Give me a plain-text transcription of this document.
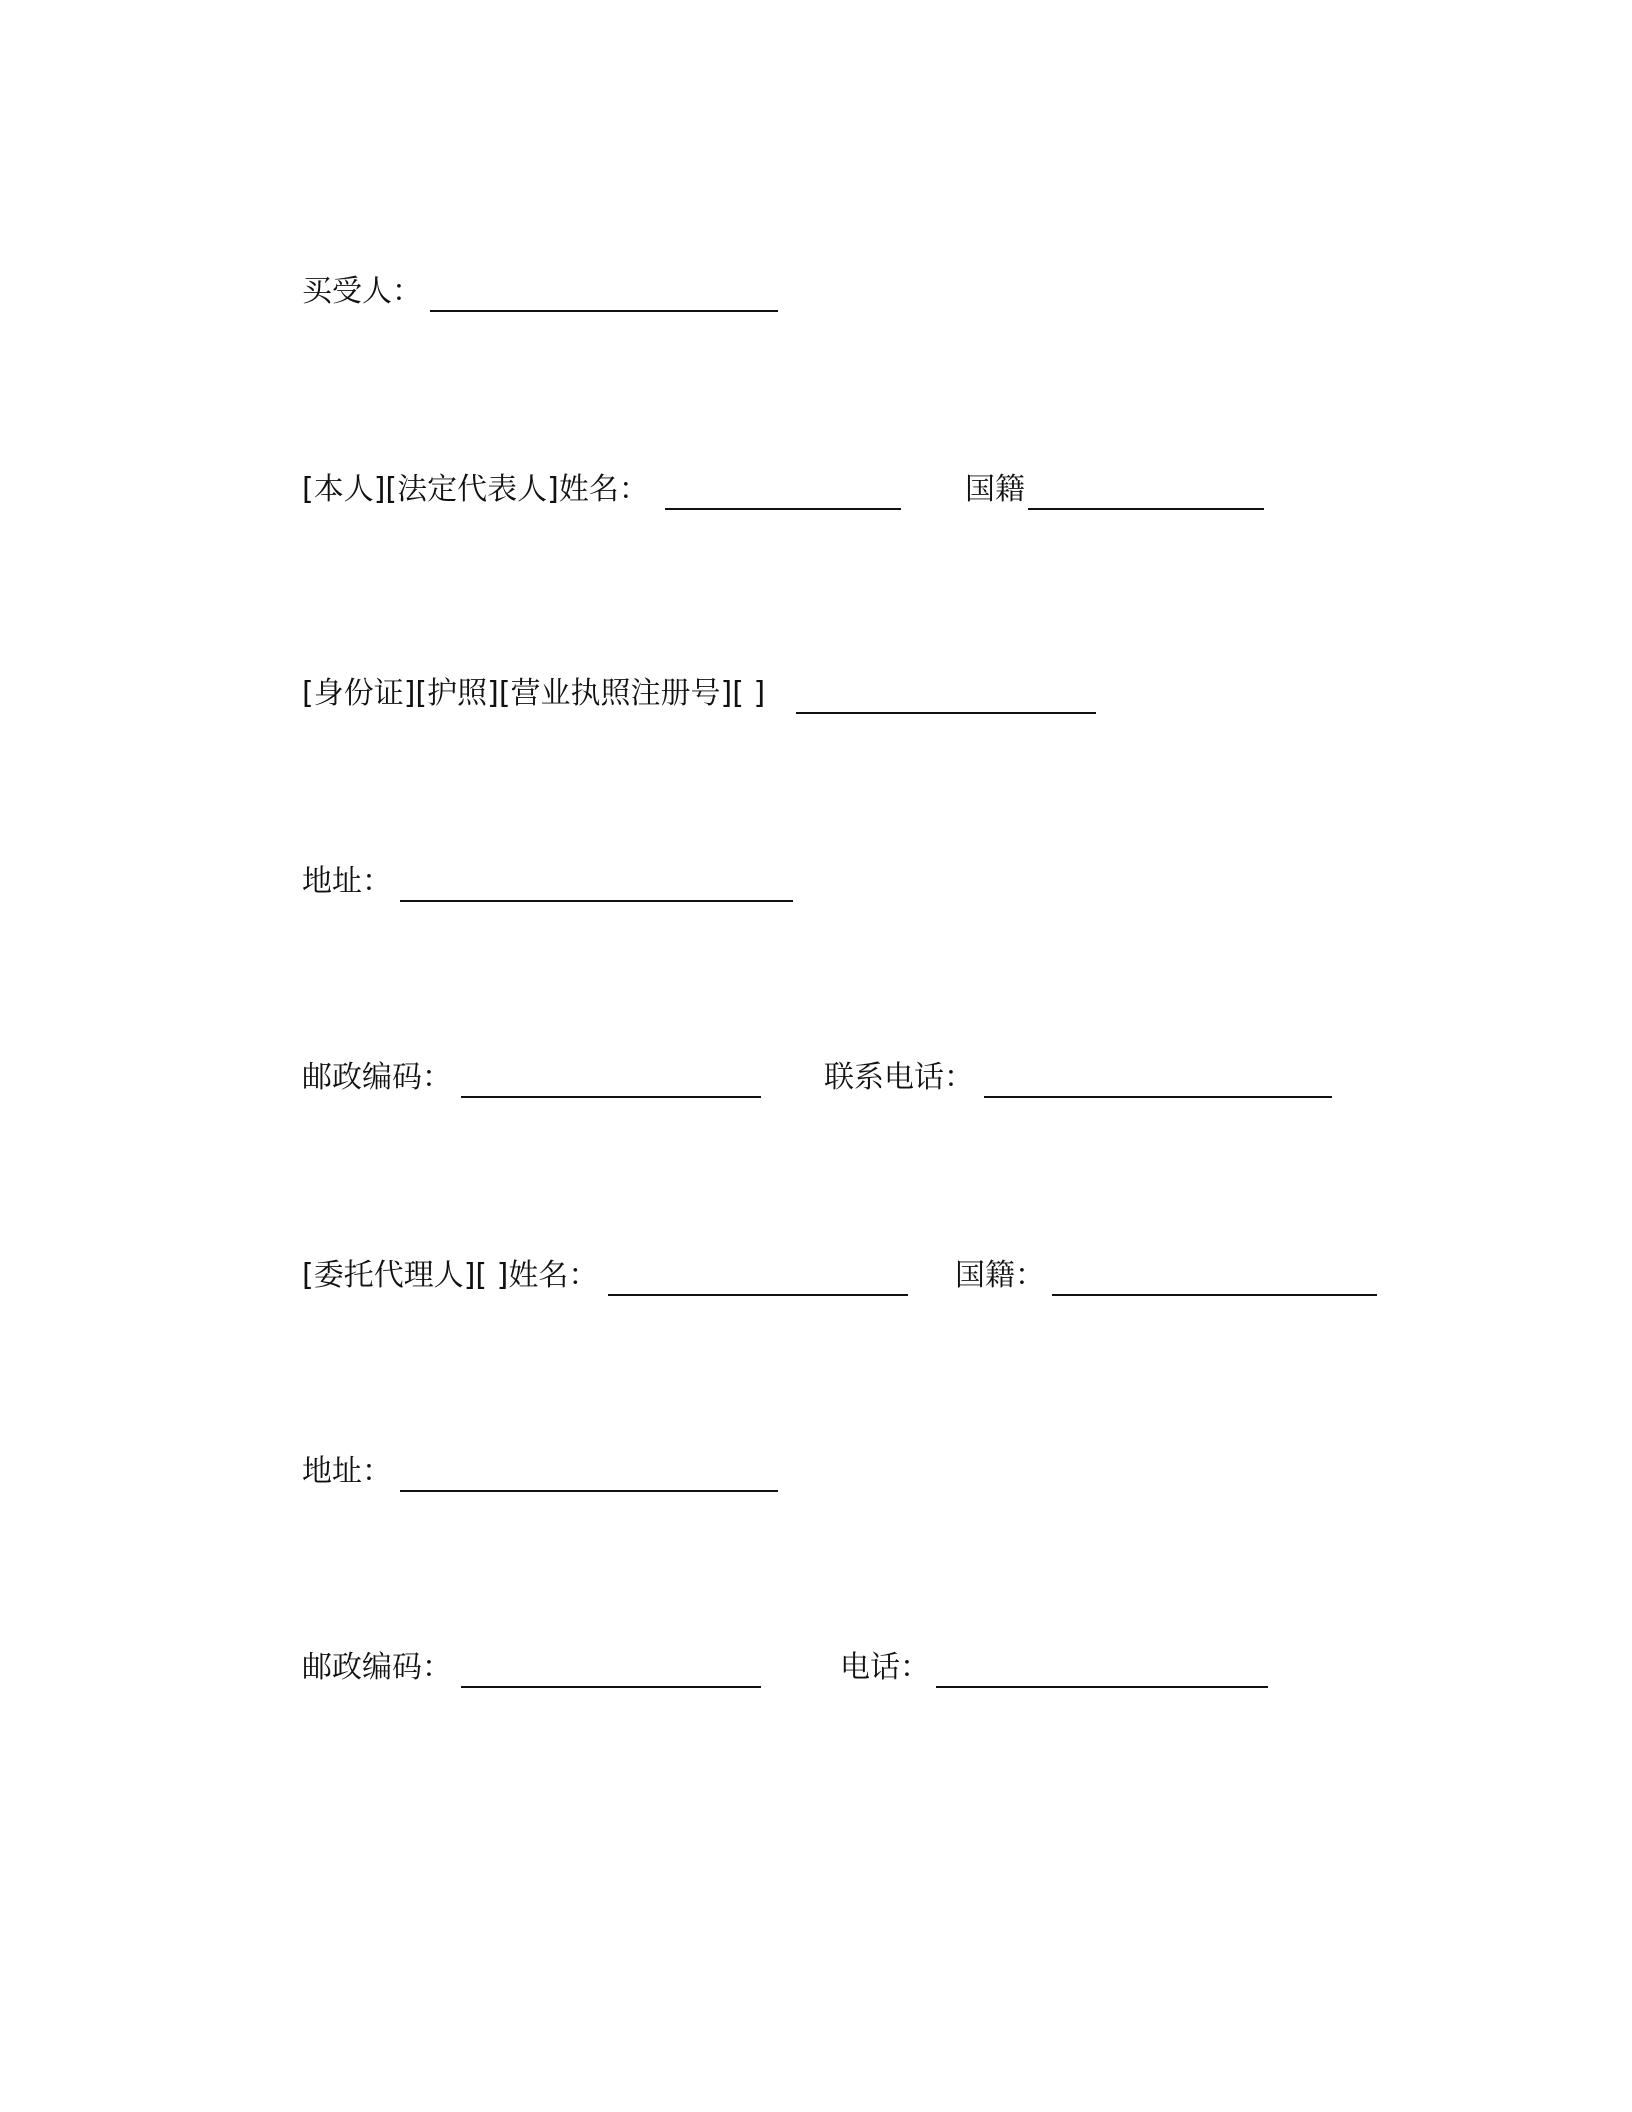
买受人：
[本人][法定代表人]姓名：	国籍
[身份证][护照][营业执照注册号][ ]
地址：
邮政编码：	联系电话：
[委托代理人][ ]姓名：	国籍：
地址：
邮政编码：	电话：
